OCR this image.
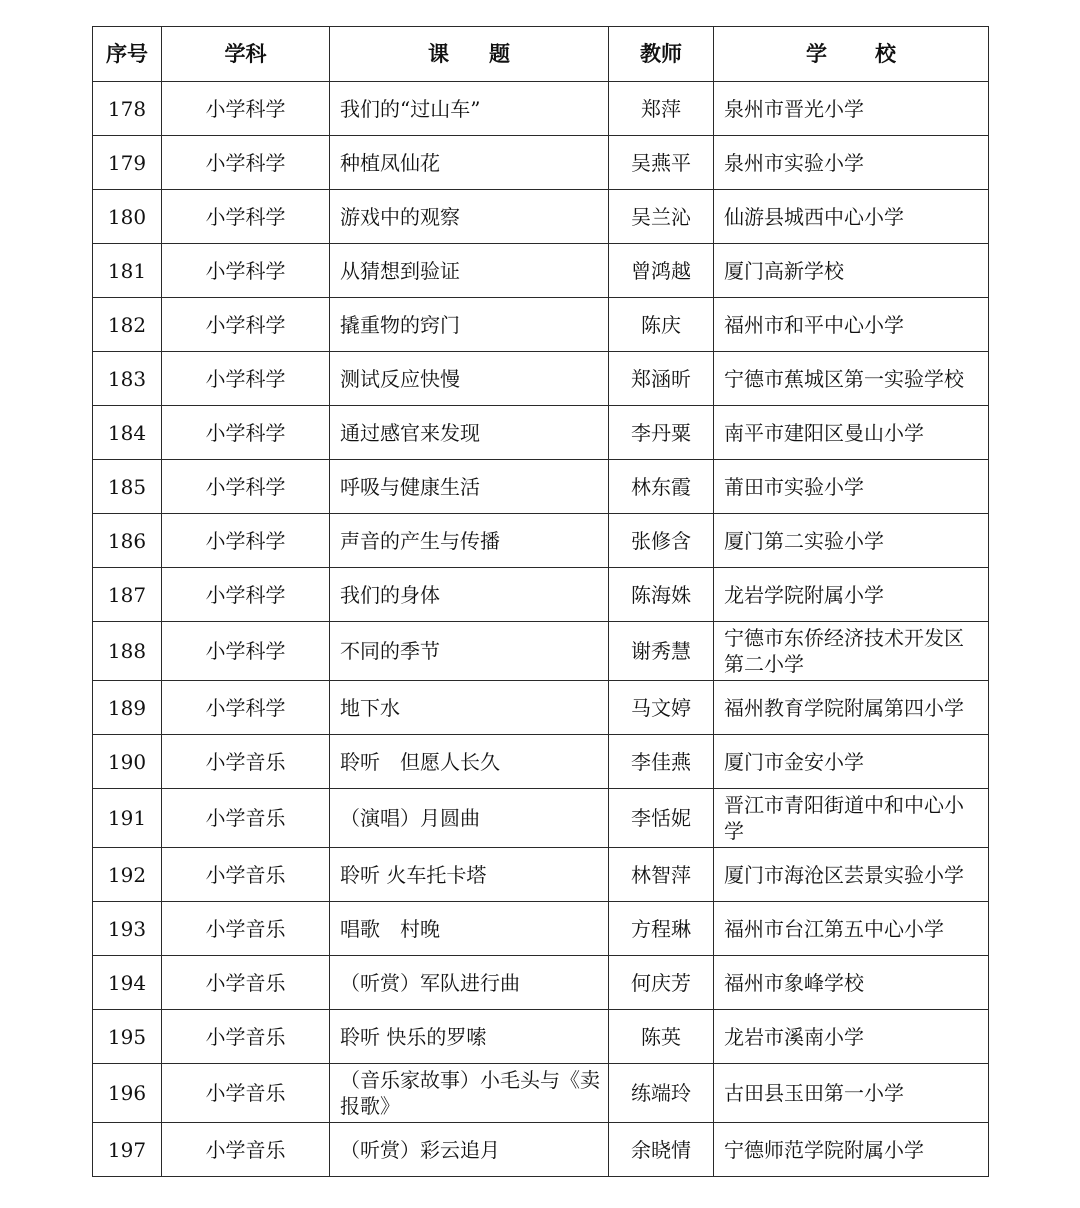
序号	学科	课题	教师	学校
178	小学科学	我们的“过山车”	郑萍	泉州市晋光小学
179	小学科学	种植凤仙花	吴燕平	泉州市实验小学
180	小学科学	游戏中的观察	吴兰沁	仙游县城西中心小学
181	小学科学	从猜想到验证	曾鸿越	厦门高新学校
182	小学科学	撬重物的窍门	陈庆	福州市和平中心小学
183	小学科学	测试反应快慢	郑涵昕	宁德市蕉城区第一实验学校
184	小学科学	通过感官来发现	李丹粟	南平市建阳区曼山小学
185	小学科学	呼吸与健康生活	林东霞	莆田市实验小学
186	小学科学	声音的产生与传播	张修含	厦门第二实验小学
187	小学科学	我们的身体	陈海姝	龙岩学院附属小学
188	小学科学	不同的季节	谢秀慧	宁德市东侨经济技术开发区第二小学
189	小学科学	地下水	马文婷	福州教育学院附属第四小学
190	小学音乐	聆听　但愿人长久	李佳燕	厦门市金安小学
191	小学音乐	（演唱）月圆曲	李恬妮	晋江市青阳街道中和中心小学
192	小学音乐	聆听 火车托卡塔	林智萍	厦门市海沧区芸景实验小学
193	小学音乐	唱歌　村晚	方程琳	福州市台江第五中心小学
194	小学音乐	（听赏）军队进行曲	何庆芳	福州市象峰学校
195	小学音乐	聆听 快乐的罗嗦	陈英	龙岩市溪南小学
196	小学音乐	（音乐家故事）小毛头与《卖报歌》	练端玲	古田县玉田第一小学
197	小学音乐	（听赏）彩云追月	余晓情	宁德师范学院附属小学
